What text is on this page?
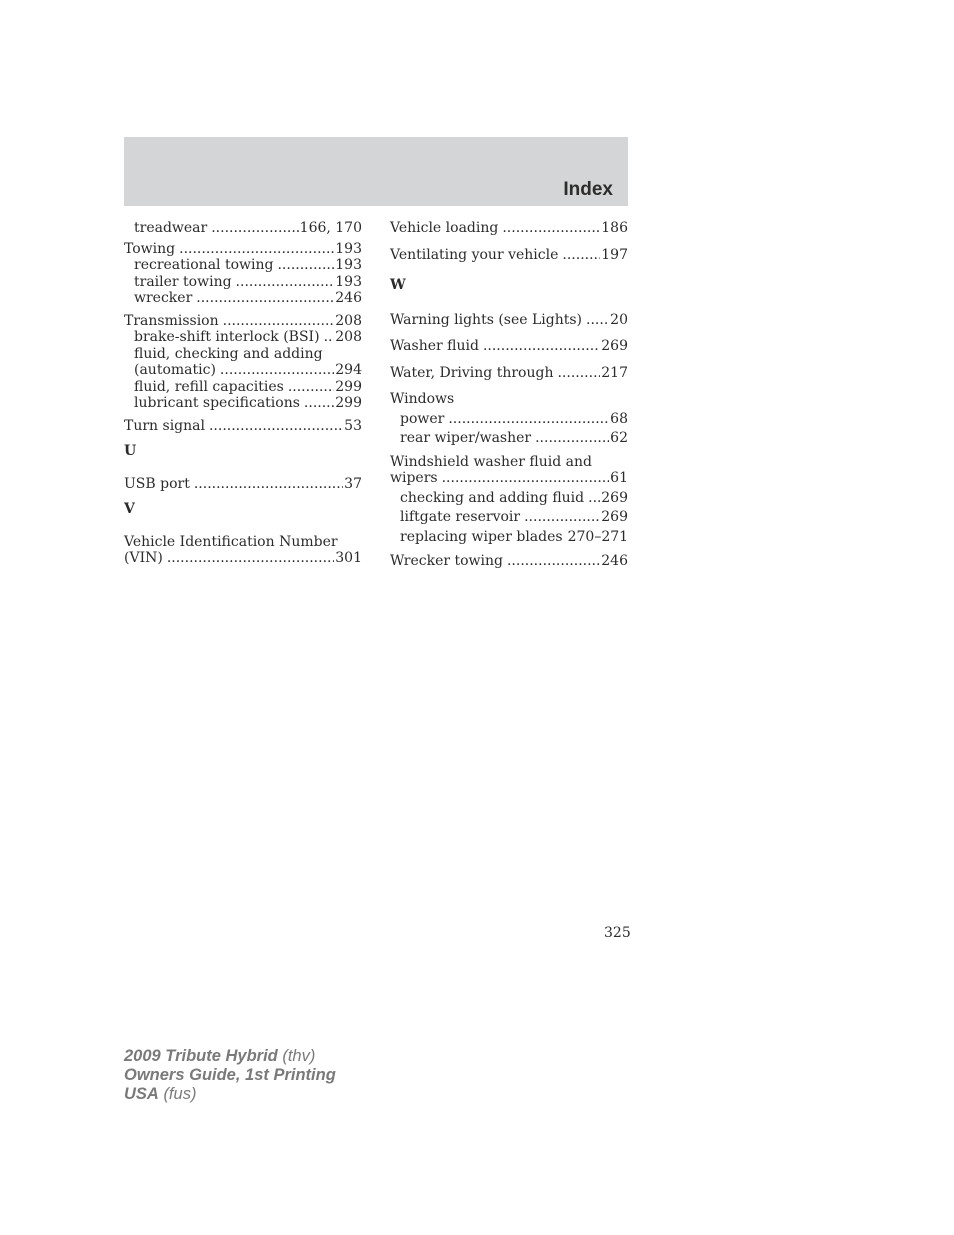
Index
treadwear .....	166, 170
Towing .....	193
recreational towing .....	193
trailer towing .....	193
wrecker .....	246
Transmission .....	208
brake-shift interlock (BSI) ..... 208
fluid, checking and adding
(automatic) .....	294
fluid, refill capacities .....	299
lubricant specifications .....	299
Turn signal .....	53
U
USB port .....	37
V
Vehicle Identification Number
(VIN) .....	301
Vehicle loading .....	186
Ventilating your vehicle .....	197
W
Warning lights (see Lights) ..... 20
Washer fluid .....	269
Water, Driving through .....	217
Windows
power .....	68
rear wiper/washer .....	62
Windshield washer fluid and
wipers .....	61
checking and adding fluid ..... 269
liftgate reservoir .....	269
replacing wiper blades 270–271
Wrecker towing .....	246
325
2009 Tribute Hybrid (thv)
Owners Guide, 1st Printing
USA (fus)
